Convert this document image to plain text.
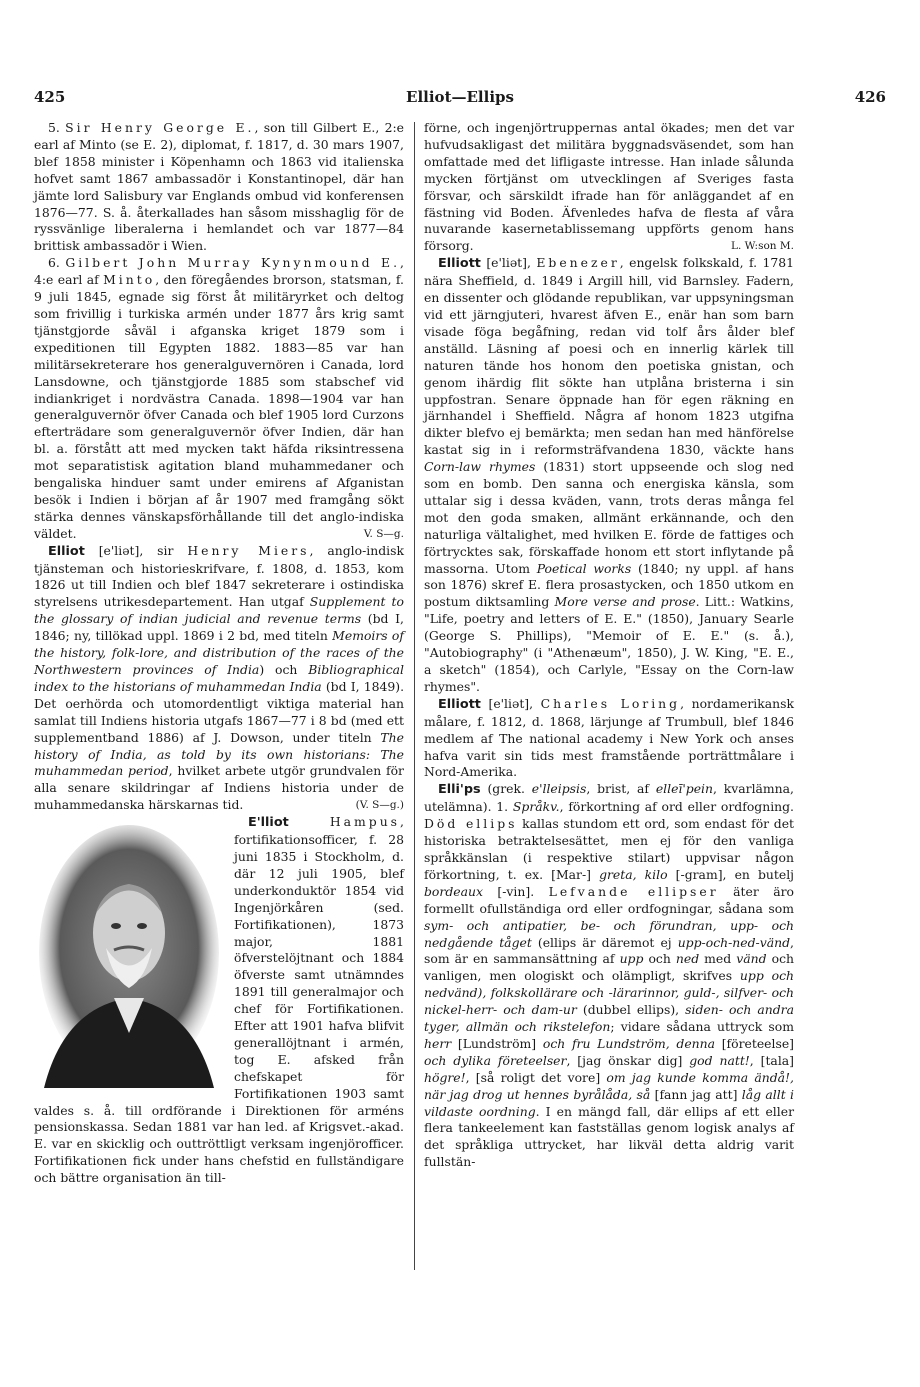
425	Elliot—Ellips	426

5. Sir Henry George E., son till Gilbert E., 2:e earl af Minto (se E. 2), diplomat, f. 1817, d. 30 mars 1907, blef 1858 minister i Köpenhamn och 1863 vid italienska hofvet samt 1867 ambassadör i Konstantinopel, där han jämte lord Salisbury var Englands ombud vid konferensen 1876—77. S. å. återkallades han såsom misshaglig för de ryssvänlige liberalerna i hemlandet och var 1877—84 brittisk ambassadör i Wien.

6. Gilbert John Murray Kynynmound E., 4:e earl af Minto, den föregåendes brorson, statsman, f. 9 juli 1845, egnade sig först åt militäryrket och deltog som frivillig i turkiska armén under 1877 års krig samt tjänstgjorde såväl i afganska kriget 1879 som i expeditionen till Egypten 1882. 1883—85 var han militärsekreterare hos generalguvernören i Canada, lord Lansdowne, och tjänstgjorde 1885 som stabschef vid indiankriget i nordvästra Canada. 1898—1904 var han generalguvernör öfver Canada och blef 1905 lord Curzons efterträdare som generalguvernör öfver Indien, där han bl. a. förstått att med mycken takt häfda riksintressena mot separatistisk agitation bland muhammedaner och bengaliska hinduer samt under emirens af Afganistan besök i Indien i början af år 1907 med framgång sökt stärka dennes vänskapsförhållande till det anglo-indiska väldet.	V. S—g.

Elliot [e'liət], sir Henry Miers, anglo-indisk tjänsteman och historieskrifvare, f. 1808, d. 1853, kom 1826 ut till Indien och blef 1847 sekreterare i ostindiska styrelsens utrikesdepartement. Han utgaf Supplement to the glossary of indian judicial and revenue terms (bd I, 1846; ny, tillökad uppl. 1869 i 2 bd, med titeln Memoirs of the history, folk-lore, and distribution of the races of the Northwestern provinces of India) och Bibliographical index to the historians of muhammedan India (bd I, 1849). Det oerhörda och utomordentligt viktiga material han samlat till Indiens historia utgafs 1867—77 i 8 bd (med ett supplementband 1886) af J. Dowson, under titeln The history of India, as told by its own historians: The muhammedan period, hvilket arbete utgör grundvalen för alla senare skildringar af Indiens historia under de muhammedanska härskarnas tid.	(V. S—g.)

E'lliot	Hampus
, fortifikationsofficer, f. 28 juni 1835 i Stockholm, d. där 12 juli 1905, blef underkonduktör 1854 vid Ingenjörkåren (sed. Fortifikationen), 1873 major, 1881 öfverstelöjtnant och 1884 öfverste samt utnämndes 1891 till generalmajor och chef för Fortifikationen. Efter att 1901 hafva blifvit generallöjtnant i armén, tog E. afsked från chefskapet för Fortifikationen 1903 samt valdes s. å. till ordförande i Direktionen för arméns pensionskassa. Sedan 1881 var han led. af Krigsvet.-akad. E. var en skicklig och outtröttligt verksam ingenjörofficer. Fortifikationen fick under hans chefstid en fullständigare och bättre organisation än till-

förne, och ingenjörtruppernas antal ökades; men det var hufvudsakligast det militära byggnadsväsendet, som han omfattade med det lifligaste intresse. Han inlade sålunda mycken förtjänst om utvecklingen af Sveriges fasta försvar, och särskildt ifrade han för anläggandet af en fästning vid Boden. Äfvenledes hafva de flesta af våra nuvarande kasernetablissemang uppförts genom hans försorg.	L. W:son M.

Elliott [e'liət], Ebenezer, engelsk folkskald, f. 1781 nära Sheffield, d. 1849 i Argill hill, vid Barnsley. Fadern, en dissenter och glödande republikan, var uppsyningsman vid ett järngjuteri, hvarest äfven E., enär han som barn visade föga begåfning, redan vid tolf års ålder blef anställd. Läsning af poesi och en innerlig kärlek till naturen tände hos honom den poetiska gnistan, och genom ihärdig flit sökte han utplåna bristerna i sin uppfostran. Senare öppnade han för egen räkning en järnhandel i Sheffield. Några af honom 1823 utgifna dikter blefvo ej bemärkta; men sedan han med hänförelse kastat sig in i reformsträfvandena 1830, väckte hans Corn-law rhymes (1831) stort uppseende och slog ned som en bomb. Den sanna och energiska känsla, som uttalar sig i dessa kväden, vann, trots deras många fel mot den goda smaken, allmänt erkännande, och den naturliga vältalighet, med hvilken E. förde de fattiges och förtrycktes sak, förskaffade honom ett stort inflytande på massorna. Utom Poetical works (1840; ny uppl. af hans son 1876) skref E. flera prosastycken, och 1850 utkom en postum diktsamling More verse and prose. Litt.: Watkins, "Life, poetry and letters of E. E." (1850), January Searle (George S. Phillips), "Memoir of E. E." (s. å.), "Autobiography" (i "Athenæum", 1850), J. W. King, "E. E., a sketch" (1854), och Carlyle, "Essay on the Corn-law rhymes".

Elliott [e'liət], Charles Loring, nordamerikansk målare, f. 1812, d. 1868, lärjunge af Trumbull, blef 1846 medlem af The national academy i New York och anses hafva varit sin tids mest framstående porträttmålare i Nord-Amerika.

Elli'ps (grek. e'lleipsis, brist, af elleī'pein, kvarlämna, utelämna). 1. Språkv., förkortning af ord eller ordfogning. Död ellips kallas stundom ett ord, som endast för det historiska betraktelsesättet, men ej för den vanliga språkkänslan (i respektive stilart) uppvisar någon förkortning, t. ex. [Mar-] greta, kilo [-gram], en butelj bordeaux [-vin]. Lefvande ellipser äter äro formellt ofullständiga ord eller ordfogningar, sådana som sym- och antipatier, be- och förundran, upp- och nedgående tåget (ellips är däremot ej upp-och-ned-vänd, som är en sammansättning af upp och ned med vänd och vanligen, men ologiskt och olämpligt, skrifves upp och nedvänd), folkskollärare och -lärarinnor, guld-, silfver- och nickel-herr- och dam-ur (dubbel ellips), siden- och andra tyger, allmän och rikstelefon; vidare sådana uttryck som herr [Lundström] och fru Lundström, denna [företeelse] och dylika företeelser, [jag önskar dig] god natt!, [tala] högre!, [så roligt det vore] om jag kunde komma ändå!, när jag drog ut hennes byrålåda, så [fann jag att] låg allt i vildaste oordning. I en mängd fall, där ellips af ett eller flera tankeelement kan fastställas genom logisk analys af det språkliga uttrycket, har likväl detta aldrig varit fullstän-
